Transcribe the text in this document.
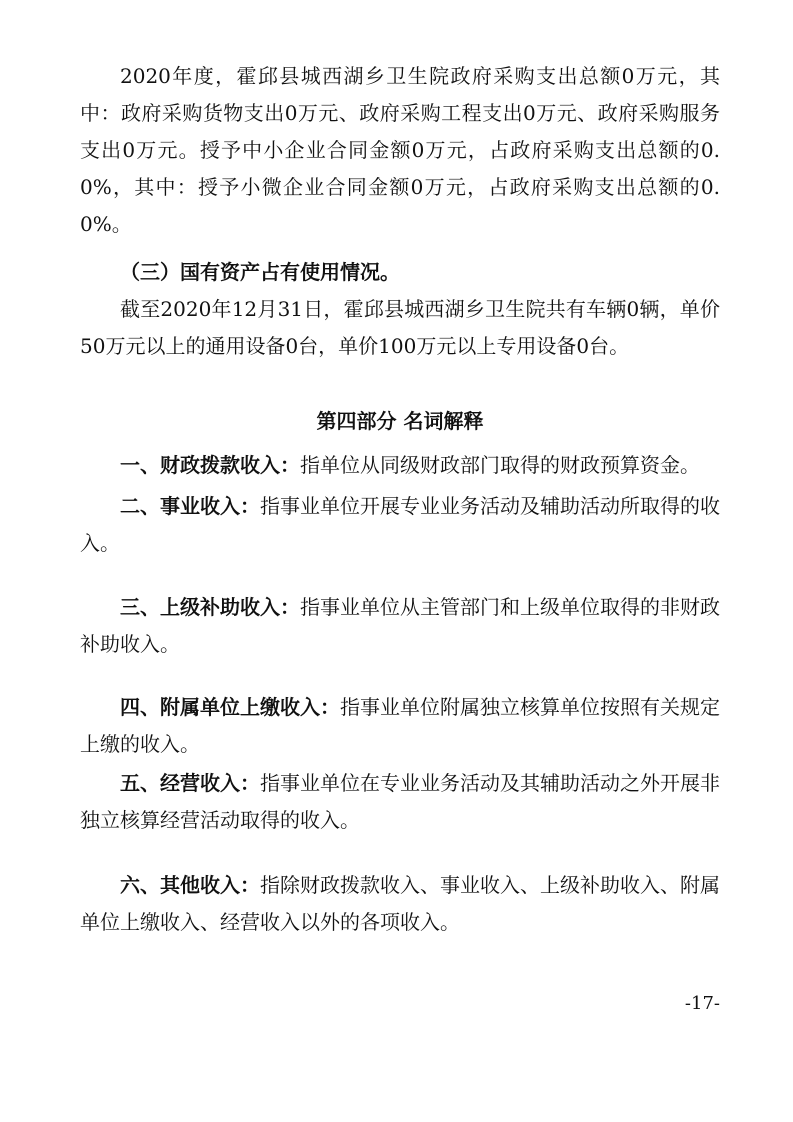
2020年度，霍邱县城西湖乡卫生院政府采购支出总额0万元，其中：政府采购货物支出0万元、政府采购工程支出0万元、政府采购服务支出0万元。授予中小企业合同金额0万元，占政府采购支出总额的0.0%，其中：授予小微企业合同金额0万元，占政府采购支出总额的0.0%。

（三）国有资产占有使用情况。

截至2020年12月31日，霍邱县城西湖乡卫生院共有车辆0辆，单价50万元以上的通用设备0台，单价100万元以上专用设备0台。

第四部分 名词解释

一、财政拨款收入：指单位从同级财政部门取得的财政预算资金。

二、事业收入：指事业单位开展专业业务活动及辅助活动所取得的收入。

三、上级补助收入：指事业单位从主管部门和上级单位取得的非财政补助收入。

四、附属单位上缴收入：指事业单位附属独立核算单位按照有关规定上缴的收入。

五、经营收入：指事业单位在专业业务活动及其辅助活动之外开展非独立核算经营活动取得的收入。

六、其他收入：指除财政拨款收入、事业收入、上级补助收入、附属单位上缴收入、经营收入以外的各项收入。

-17-
